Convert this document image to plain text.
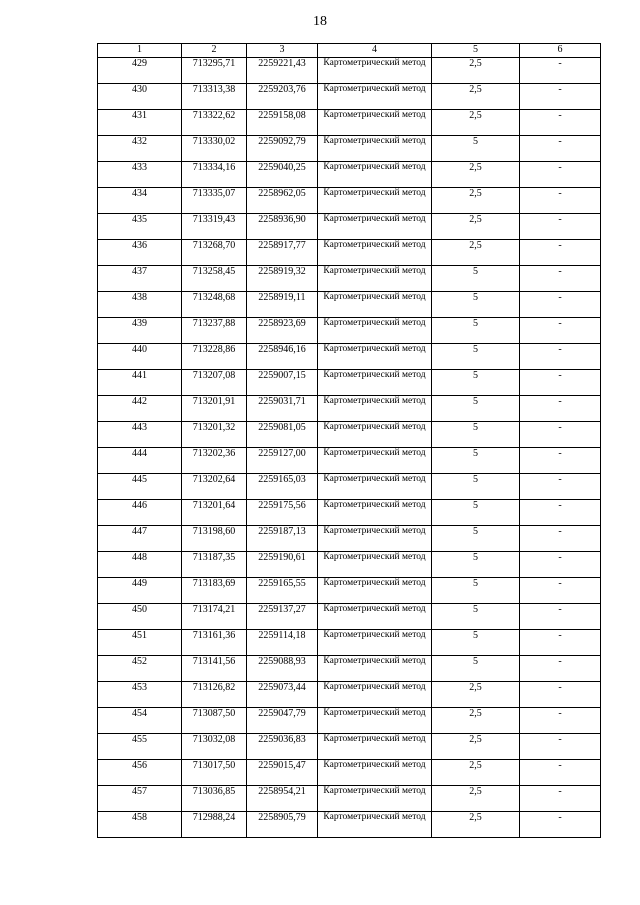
18
1	2	3	4	5	6
429	713295,71	2259221,43	Картометрический метод	2,5	-
430	713313,38	2259203,76	Картометрический метод	2,5	-
431	713322,62	2259158,08	Картометрический метод	2,5	-
432	713330,02	2259092,79	Картометрический метод	5	-
433	713334,16	2259040,25	Картометрический метод	2,5	-
434	713335,07	2258962,05	Картометрический метод	2,5	-
435	713319,43	2258936,90	Картометрический метод	2,5	-
436	713268,70	2258917,77	Картометрический метод	2,5	-
437	713258,45	2258919,32	Картометрический метод	5	-
438	713248,68	2258919,11	Картометрический метод	5	-
439	713237,88	2258923,69	Картометрический метод	5	-
440	713228,86	2258946,16	Картометрический метод	5	-
441	713207,08	2259007,15	Картометрический метод	5	-
442	713201,91	2259031,71	Картометрический метод	5	-
443	713201,32	2259081,05	Картометрический метод	5	-
444	713202,36	2259127,00	Картометрический метод	5	-
445	713202,64	2259165,03	Картометрический метод	5	-
446	713201,64	2259175,56	Картометрический метод	5	-
447	713198,60	2259187,13	Картометрический метод	5	-
448	713187,35	2259190,61	Картометрический метод	5	-
449	713183,69	2259165,55	Картометрический метод	5	-
450	713174,21	2259137,27	Картометрический метод	5	-
451	713161,36	2259114,18	Картометрический метод	5	-
452	713141,56	2259088,93	Картометрический метод	5	-
453	713126,82	2259073,44	Картометрический метод	2,5	-
454	713087,50	2259047,79	Картометрический метод	2,5	-
455	713032,08	2259036,83	Картометрический метод	2,5	-
456	713017,50	2259015,47	Картометрический метод	2,5	-
457	713036,85	2258954,21	Картометрический метод	2,5	-
458	712988,24	2258905,79	Картометрический метод	2,5	-
